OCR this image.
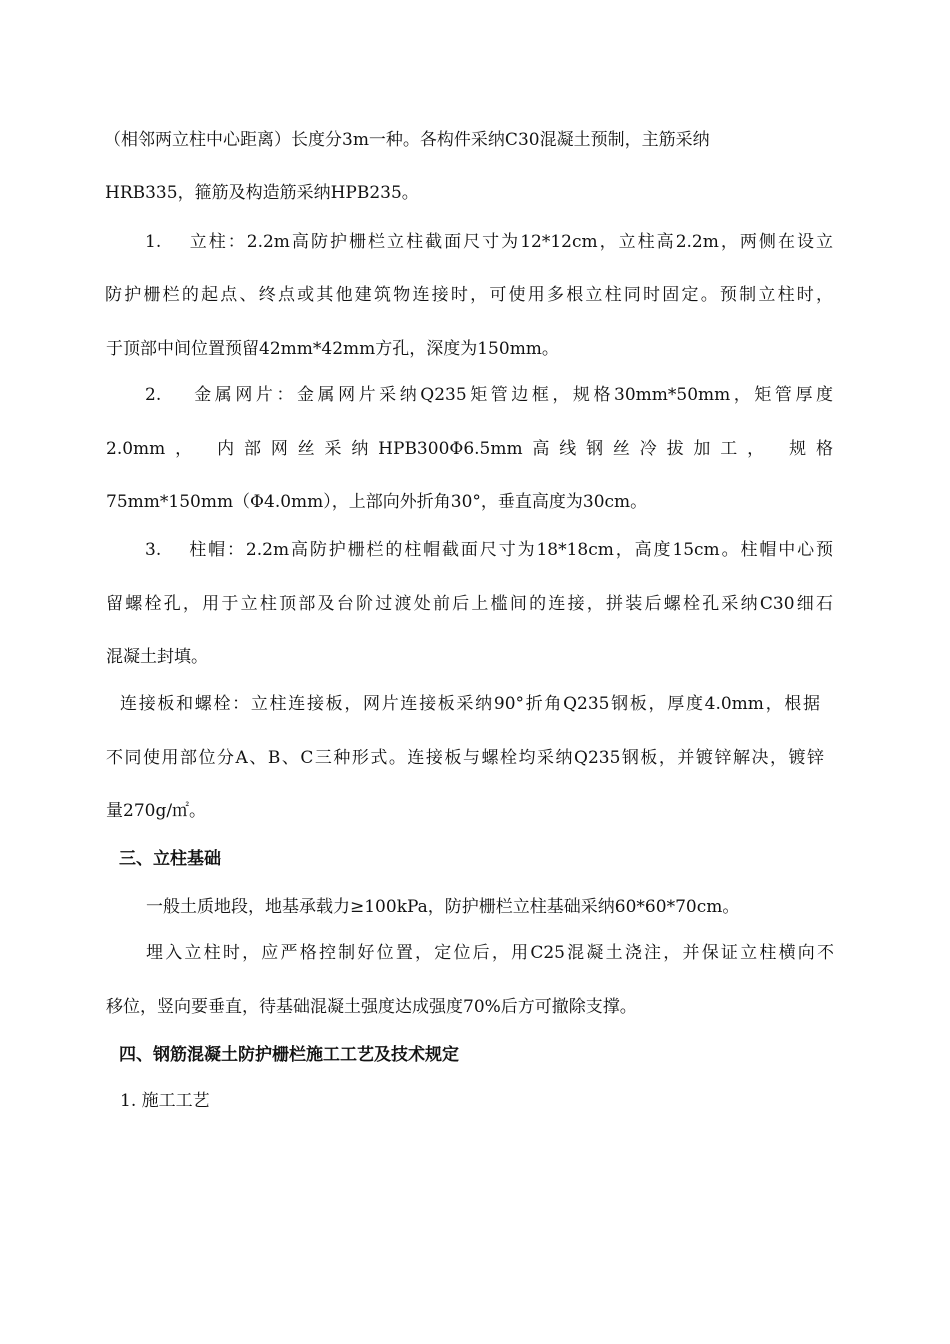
（相邻两立柱中心距离）长度分3m一种。各构件采纳C30混凝土预制，主筋采纳
HRB335，箍筋及构造筋采纳HPB235。
1.　 立柱：2.2m高防护栅栏立柱截面尺寸为12*12cm，立柱高2.2m，两侧在设立
防护栅栏的起点、终点或其他建筑物连接时，可使用多根立柱同时固定。预制立柱时，
于顶部中间位置预留42mm*42mm方孔，深度为150mm。
2.　 金属网片：金属网片采纳Q235矩管边框，规格30mm*50mm，矩管厚度
2.0mm， 内部网丝采纳HPB300Φ6.5mm高线钢丝冷拔加工， 规格
75mm*150mm（Φ4.0mm），上部向外折角30°，垂直高度为30cm。
3.　 柱帽：2.2m高防护栅栏的柱帽截面尺寸为18*18cm，高度15cm。柱帽中心预
留螺栓孔，用于立柱顶部及台阶过渡处前后上槛间的连接，拼装后螺栓孔采纳C30细石
混凝土封填。
连接板和螺栓：立柱连接板，网片连接板采纳90°折角Q235钢板，厚度4.0mm，根据
不同使用部位分A、B、C三种形式。连接板与螺栓均采纳Q235钢板，并镀锌解决，镀锌
量270g/㎡。
三、立柱基础
一般土质地段，地基承载力≥100kPa，防护栅栏立柱基础采纳60*60*70cm。
埋入立柱时，应严格控制好位置，定位后，用C25混凝土浇注，并保证立柱横向不
移位，竖向要垂直，待基础混凝土强度达成强度70%后方可撤除支撑。
四、钢筋混凝土防护栅栏施工工艺及技术规定
1. 施工工艺
